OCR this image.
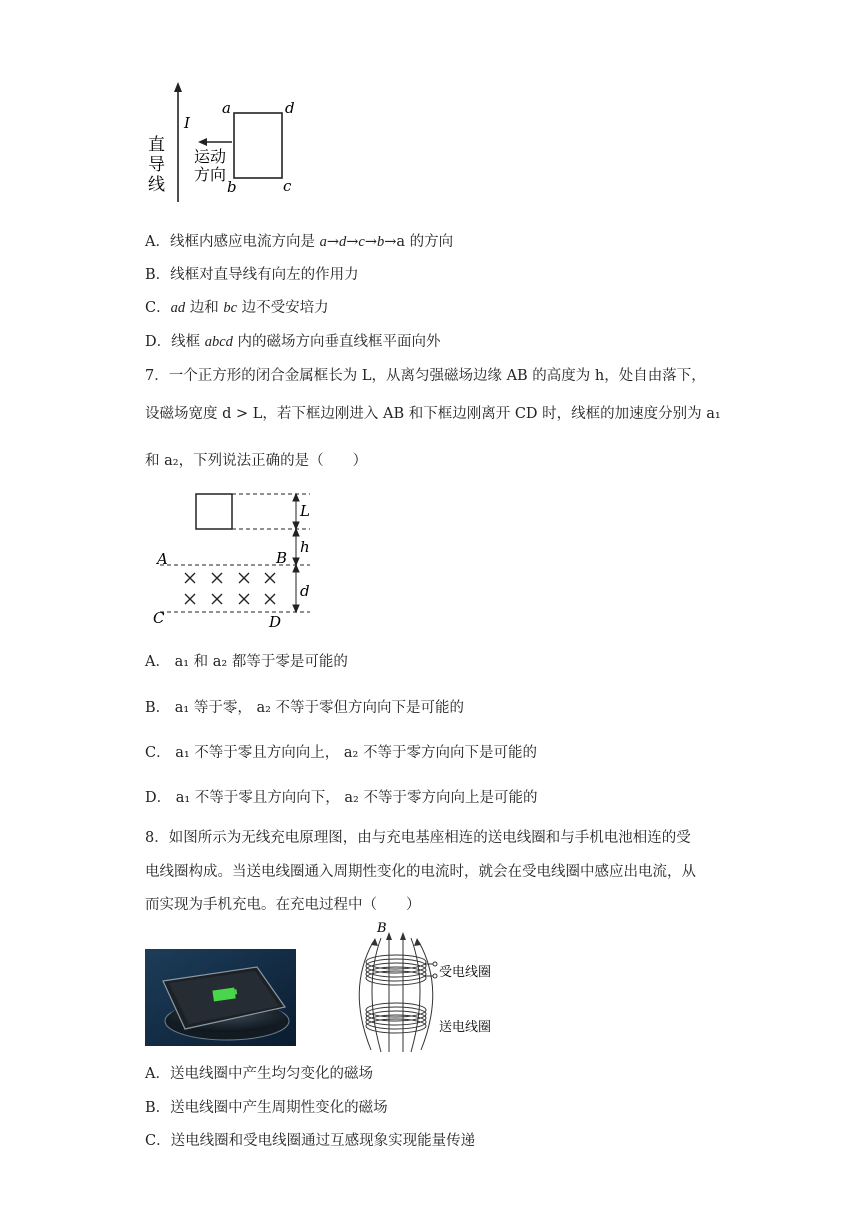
I
直
导
线
a	d
b	c
运动
方向
A．线框内感应电流方向是 a→d→c→b→a 的方向
B．线框对直导线有向左的作用力
C．ad 边和 bc 边不受安培力
D．线框 abcd 内的磁场方向垂直线框平面向外
7．一个正方形的闭合金属框长为 L，从离匀强磁场边缘 AB 的高度为 h，处自由落下，
设磁场宽度 d > L，若下框边刚进入 AB 和下框边刚离开 CD 时，线框的加速度分别为 a₁
和 a₂，下列说法正确的是（　　）
L
h
d
A	B
C	D
A． a₁ 和 a₂ 都等于零是可能的
B． a₁ 等于零， a₂ 不等于零但方向向下是可能的
C． a₁ 不等于零且方向向上， a₂ 不等于零方向向下是可能的
D． a₁ 不等于零且方向向下， a₂ 不等于零方向向上是可能的
8．如图所示为无线充电原理图，由与充电基座相连的送电线圈和与手机电池相连的受
电线圈构成。当送电线圈通入周期性变化的电流时，就会在受电线圈中感应出电流，从
而实现为手机充电。在充电过程中（　　）
B
受电线圈
送电线圈
A．送电线圈中产生均匀变化的磁场
B．送电线圈中产生周期性变化的磁场
C．送电线圈和受电线圈通过互感现象实现能量传递
